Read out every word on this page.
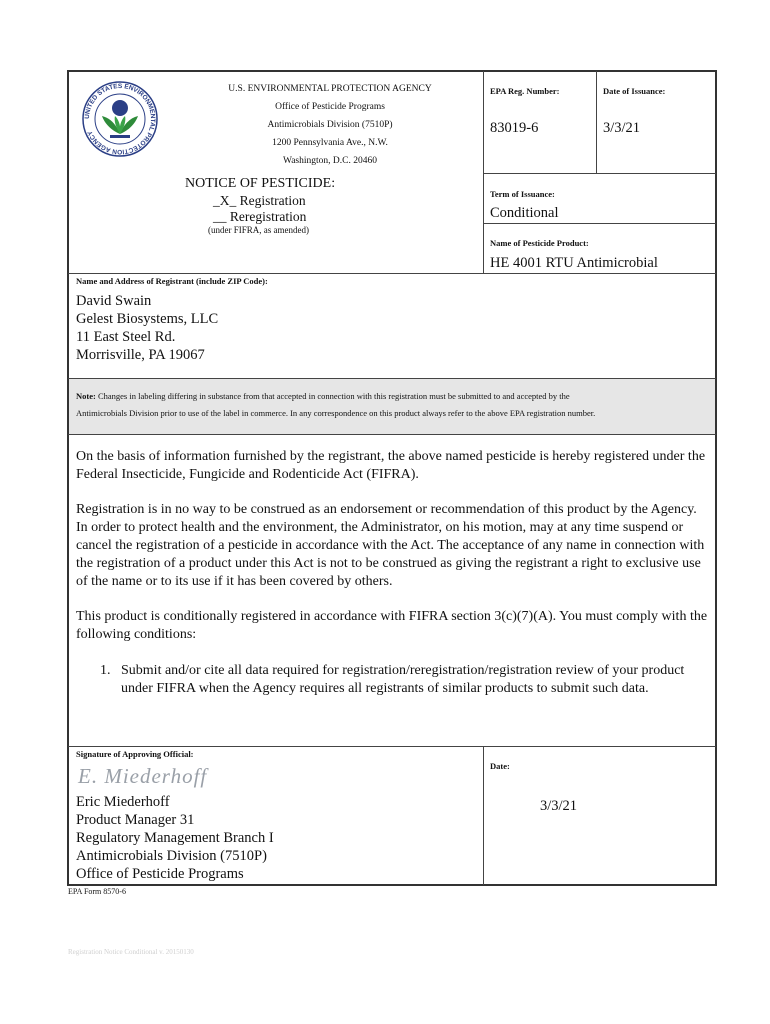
UNITED STATES ENVIRONMENTAL PROTECTION AGENCY
U.S. ENVIRONMENTAL PROTECTION AGENCY
Office of Pesticide Programs
Antimicrobials Division (7510P)
1200 Pennsylvania Ave., N.W.
Washington, D.C. 20460
NOTICE OF PESTICIDE:
_X_ Registration
__ Reregistration
(under FIFRA, as amended)
EPA Reg. Number:
83019-6
Date of Issuance:
3/3/21
Term of Issuance:
Conditional
Name of Pesticide Product:
HE 4001 RTU Antimicrobial
Name and Address of Registrant (include ZIP Code):
David Swain
Gelest Biosystems, LLC
11 East Steel Rd.
Morrisville, PA 19067
Note: Changes in labeling differing in substance from that accepted in connection with this registration must be submitted to and accepted by the
Antimicrobials Division prior to use of the label in commerce. In any correspondence on this product always refer to the above EPA registration number.
On the basis of information furnished by the registrant, the above named pesticide is hereby registered under the Federal Insecticide, Fungicide and Rodenticide Act (FIFRA).
Registration is in no way to be construed as an endorsement or recommendation of this product by the Agency. In order to protect health and the environment, the Administrator, on his motion, may at any time suspend or cancel the registration of a pesticide in accordance with the Act. The acceptance of any name in connection with the registration of a product under this Act is not to be construed as giving the registrant a right to exclusive use of the name or to its use if it has been covered by others.
This product is conditionally registered in accordance with FIFRA section 3(c)(7)(A). You must comply with the following conditions:
1. Submit and/or cite all data required for registration/reregistration/registration review of your product under FIFRA when the Agency requires all registrants of similar products to submit such data.
Signature of Approving Official:
E. Miederhoff
Eric Miederhoff
Product Manager 31
Regulatory Management Branch I
Antimicrobials Division (7510P)
Office of Pesticide Programs
Date:
3/3/21
EPA Form 8570-6
Registration Notice Conditional v. 20150130
